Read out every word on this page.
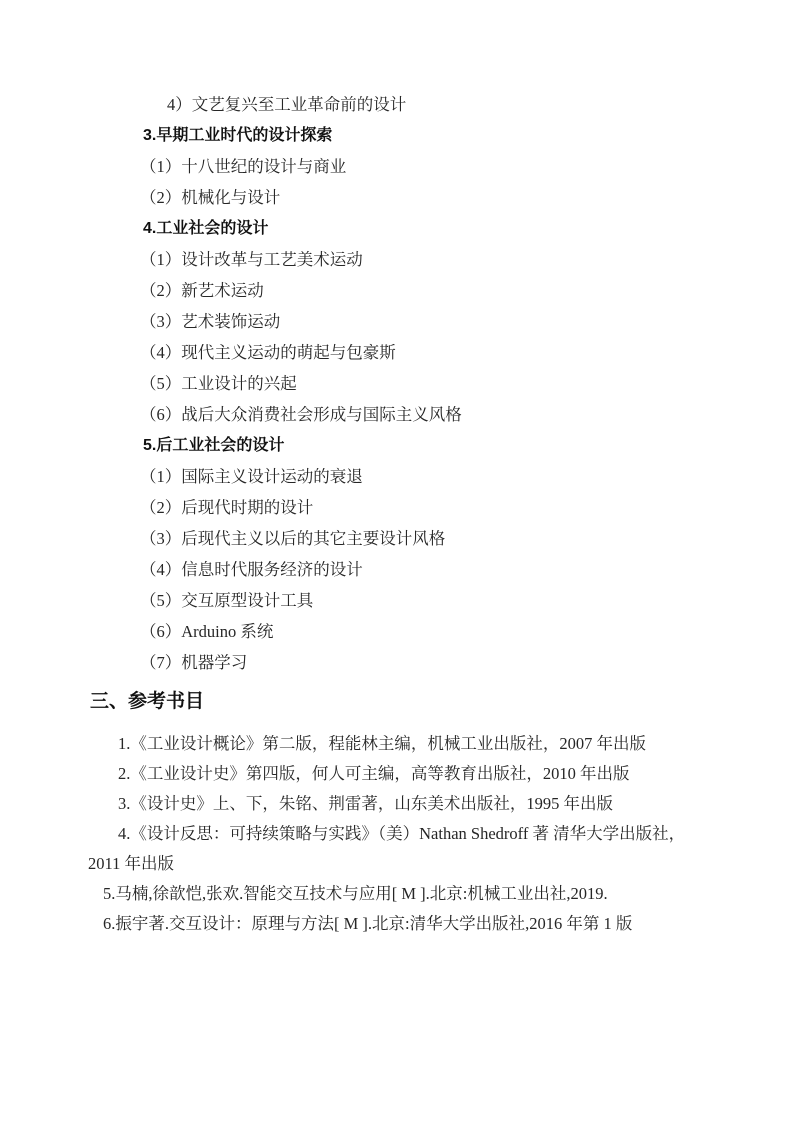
4）文艺复兴至工业革命前的设计

3.早期工业时代的设计探索

（1）十八世纪的设计与商业

（2）机械化与设计

4.工业社会的设计

（1）设计改革与工艺美术运动

（2）新艺术运动

（3）艺术装饰运动

（4）现代主义运动的萌起与包豪斯

（5）工业设计的兴起

（6）战后大众消费社会形成与国际主义风格

5.后工业社会的设计

（1）国际主义设计运动的衰退

（2）后现代时期的设计

（3）后现代主义以后的其它主要设计风格

（4）信息时代服务经济的设计

（5）交互原型设计工具

（6）Arduino 系统

（7）机器学习

三、参考书目

1.《工业设计概论》第二版，程能林主编，机械工业出版社，2007 年出版

2.《工业设计史》第四版，何人可主编，高等教育出版社，2010 年出版

3.《设计史》上、下，朱铭、荆雷著，山东美术出版社，1995 年出版

4.《设计反思：可持续策略与实践》（美）Nathan Shedroff 著 清华大学出版社，2011 年出版

5.马楠,徐歆恺,张欢.智能交互技术与应用[ M ].北京:机械工业出社,2019.

6.振宇著.交互设计：原理与方法[ M ].北京:清华大学出版社,2016 年第 1 版
